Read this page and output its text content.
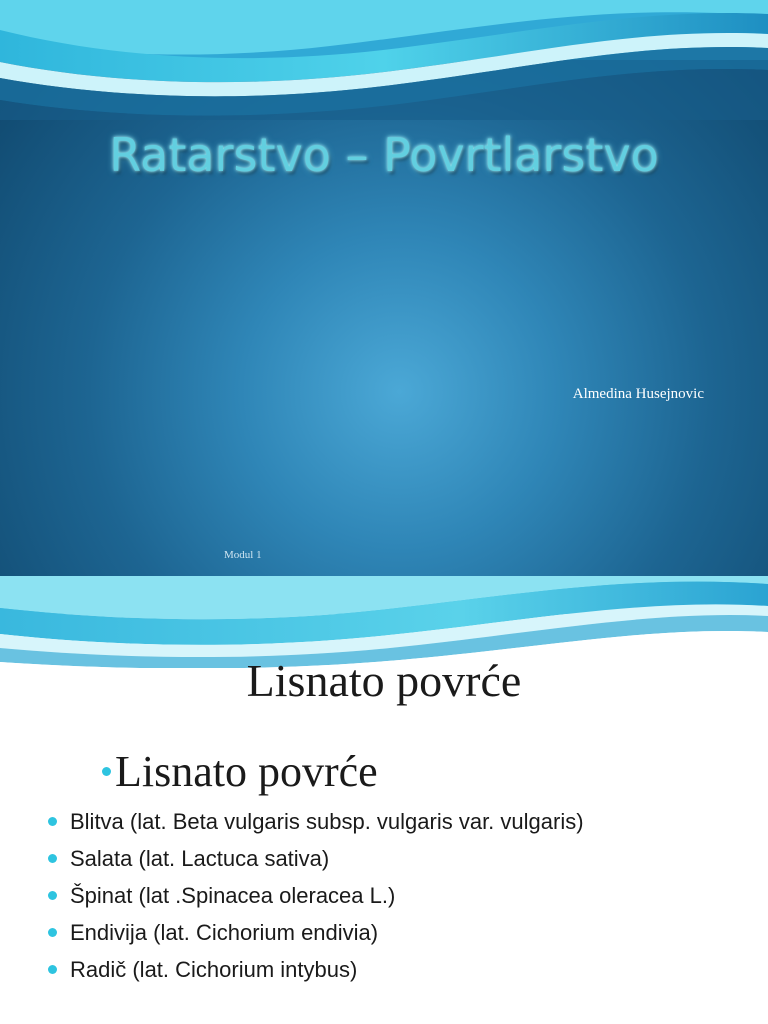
Ratarstvo – Povrtlarstvo
Almedina Husejnovic
Modul 1
Lisnato povrće
Lisnato povrće
Blitva (lat. Beta vulgaris subsp. vulgaris var. vulgaris)
Salata (lat. Lactuca sativa)
Špinat (lat .Spinacea oleracea L.)
Endivija (lat. Cichorium endivia)
Radič (lat. Cichorium intybus)
